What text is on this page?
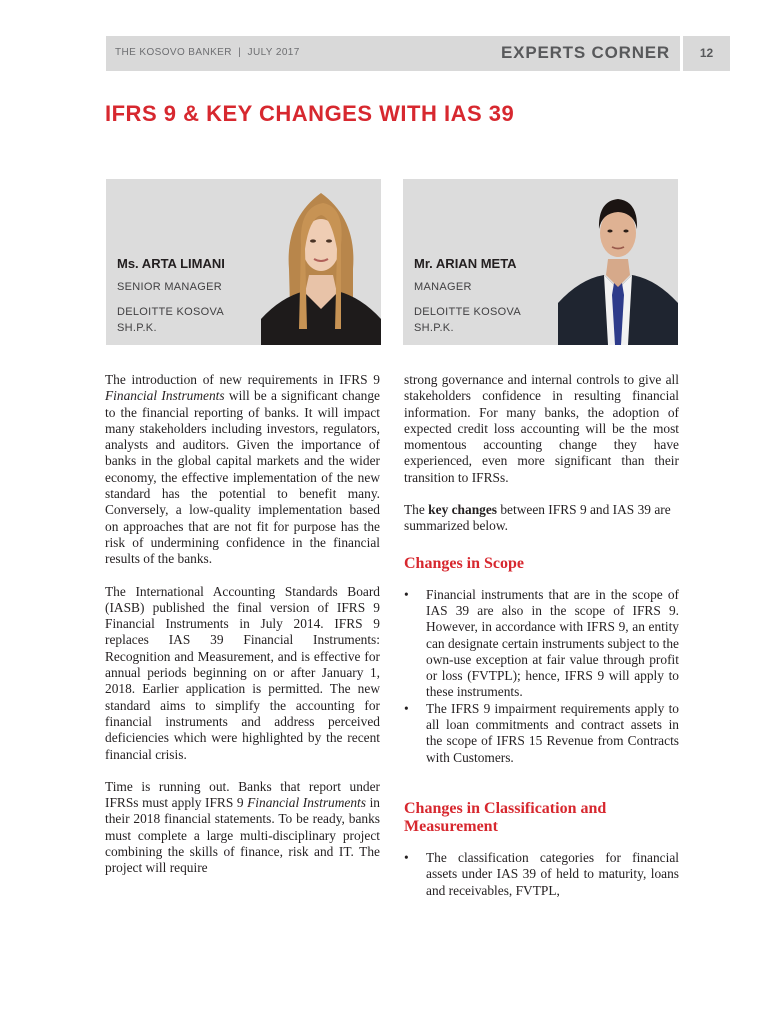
THE KOSOVO BANKER | JULY 2017	EXPERTS CORNER	12
IFRS 9 & KEY CHANGES WITH IAS 39
Ms. ARTA LIMANI
SENIOR MANAGER
DELOITTE KOSOVA SH.P.K.
Mr. ARIAN META
MANAGER
DELOITTE KOSOVA SH.P.K.

The introduction of new requirements in IFRS 9 Financial Instruments will be a significant change to the financial reporting of banks. It will impact many stakeholders including investors, regulators, analysts and auditors. Given the importance of banks in the global capital markets and the wider economy, the effective implementation of the new standard has the potential to benefit many. Conversely, a low-quality implementation based on approaches that are not fit for purpose has the risk of undermining confidence in the financial results of the banks.

The International Accounting Standards Board (IASB) published the final version of IFRS 9 Financial Instruments in July 2014. IFRS 9 replaces IAS 39 Financial Instruments: Recognition and Measurement, and is effective for annual periods beginning on or after January 1, 2018. Earlier application is permitted. The new standard aims to simplify the accounting for financial instruments and address perceived deficiencies which were highlighted by the recent financial crisis.

Time is running out. Banks that report under IFRSs must apply IFRS 9 Financial Instruments in their 2018 financial statements. To be ready, banks must complete a large multi-disciplinary project combining the skills of finance, risk and IT. The project will require

strong governance and internal controls to give all stakeholders confidence in resulting financial information. For many banks, the adoption of expected credit loss accounting will be the most momentous accounting change they have experienced, even more significant than their transition to IFRSs.

The key changes between IFRS 9 and IAS 39 are summarized below.

Changes in Scope
• Financial instruments that are in the scope of IAS 39 are also in the scope of IFRS 9. However, in accordance with IFRS 9, an entity can designate certain instruments subject to the own-use exception at fair value through profit or loss (FVTPL); hence, IFRS 9 will apply to these instruments.
• The IFRS 9 impairment requirements apply to all loan commitments and contract assets in the scope of IFRS 15 Revenue from Contracts with Customers.
Changes in Classification and Measurement
• The classification categories for financial assets under IAS 39 of held to maturity, loans and receivables, FVTPL,
